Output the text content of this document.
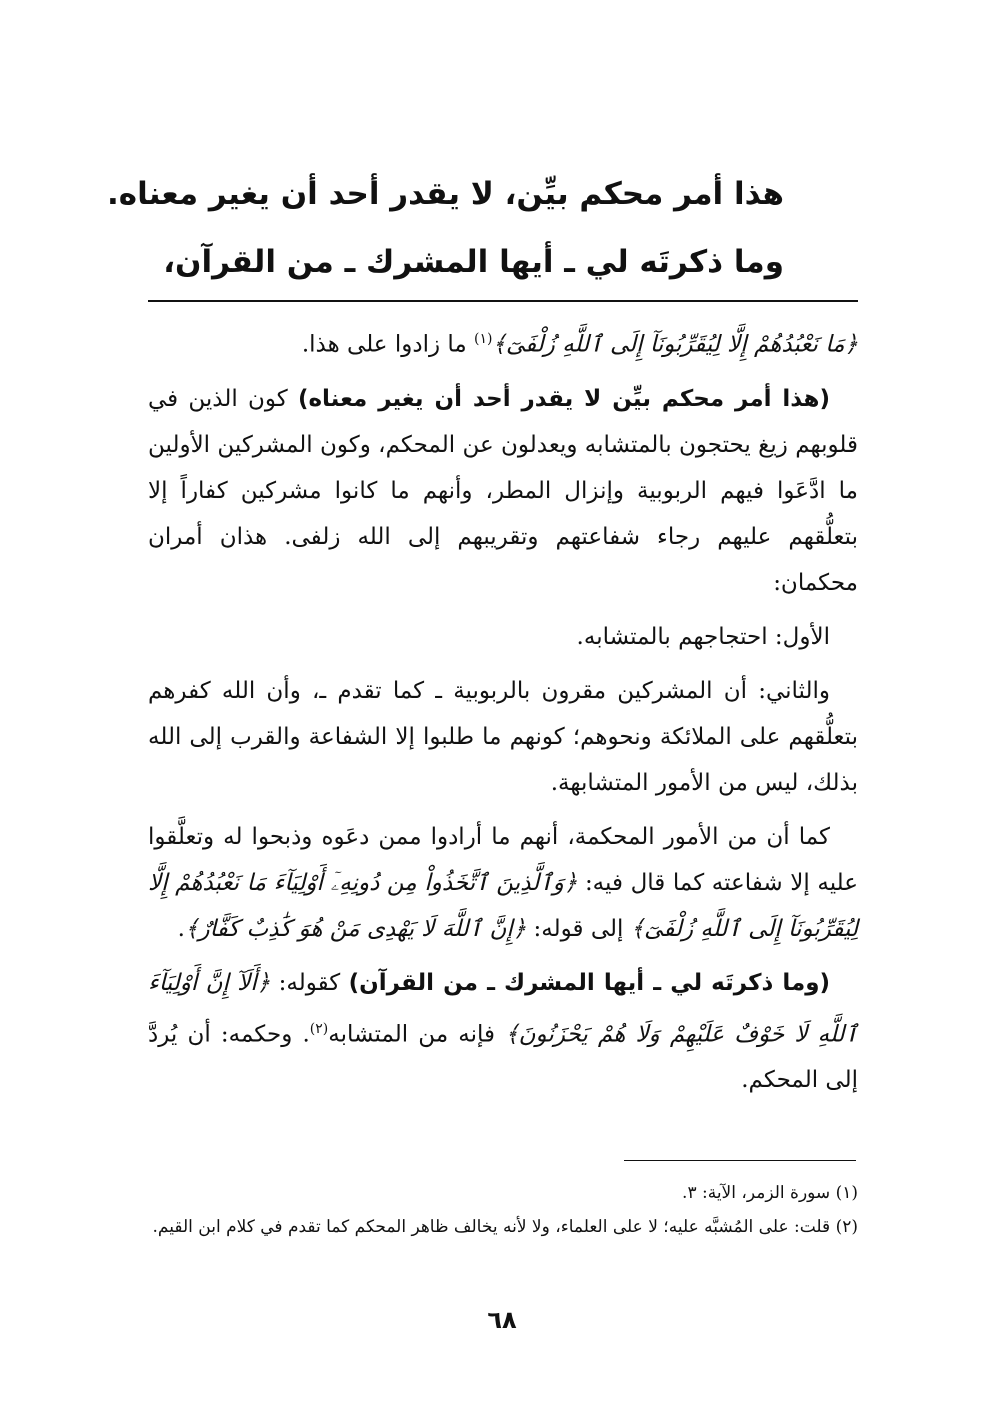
هذا أمر محكم بيِّن، لا يقدر أحد أن يغير معناه.
وما ذكرتَه لي ـ أيها المشرك ـ من القرآن،

﴿مَا نَعْبُدُهُمْ إِلَّا لِيُقَرِّبُونَآ إِلَى ٱللَّهِ زُلْفَىٓ﴾$^{(١)}$ ما زادوا على هذا.

(هذا أمر محكم بيِّن لا يقدر أحد أن يغير معناه) كون الذين في قلوبهم زيغ يحتجون بالمتشابه ويعدلون عن المحكم، وكون المشركين الأولين ما ادَّعَوا فيهم الربوبية وإنزال المطر، وأنهم ما كانوا مشركين كفاراً إلا بتعلُّقهم عليهم رجاء شفاعتهم وتقريبهم إلى الله زلفى. هذان أمران محكمان:

الأول: احتجاجهم بالمتشابه.

والثاني: أن المشركين مقرون بالربوبية ـ كما تقدم ـ، وأن الله كفرهم بتعلُّقهم على الملائكة ونحوهم؛ كونهم ما طلبوا إلا الشفاعة والقرب إلى الله بذلك، ليس من الأمور المتشابهة.

كما أن من الأمور المحكمة، أنهم ما أرادوا ممن دعَوه وذبحوا له وتعلَّقوا عليه إلا شفاعته كما قال فيه: ﴿وَٱلَّذِينَ ٱتَّخَذُواْ مِن دُونِهِۦٓ أَوْلِيَآءَ مَا نَعْبُدُهُمْ إِلَّا لِيُقَرِّبُونَآ إِلَى ٱللَّهِ زُلْفَىٓ﴾ إلى قوله: ﴿إِنَّ ٱللَّهَ لَا يَهْدِى مَنْ هُوَ كَٰذِبٌ كَفَّارٌ﴾.

(وما ذكرتَه لي ـ أيها المشرك ـ من القرآن) كقوله: ﴿أَلَآ إِنَّ أَوْلِيَآءَ ٱللَّهِ لَا خَوْفٌ عَلَيْهِمْ وَلَا هُمْ يَحْزَنُونَ﴾ فإنه من المتشابه$^{(٢)}$. وحكمه: أن يُردَّ إلى المحكم.

(١) سورة الزمر، الآية: ٣.
(٢) قلت: على المُشبَّه عليه؛ لا على العلماء، ولا لأنه يخالف ظاهر المحكم كما تقدم في كلام ابن القيم.
٦٨
